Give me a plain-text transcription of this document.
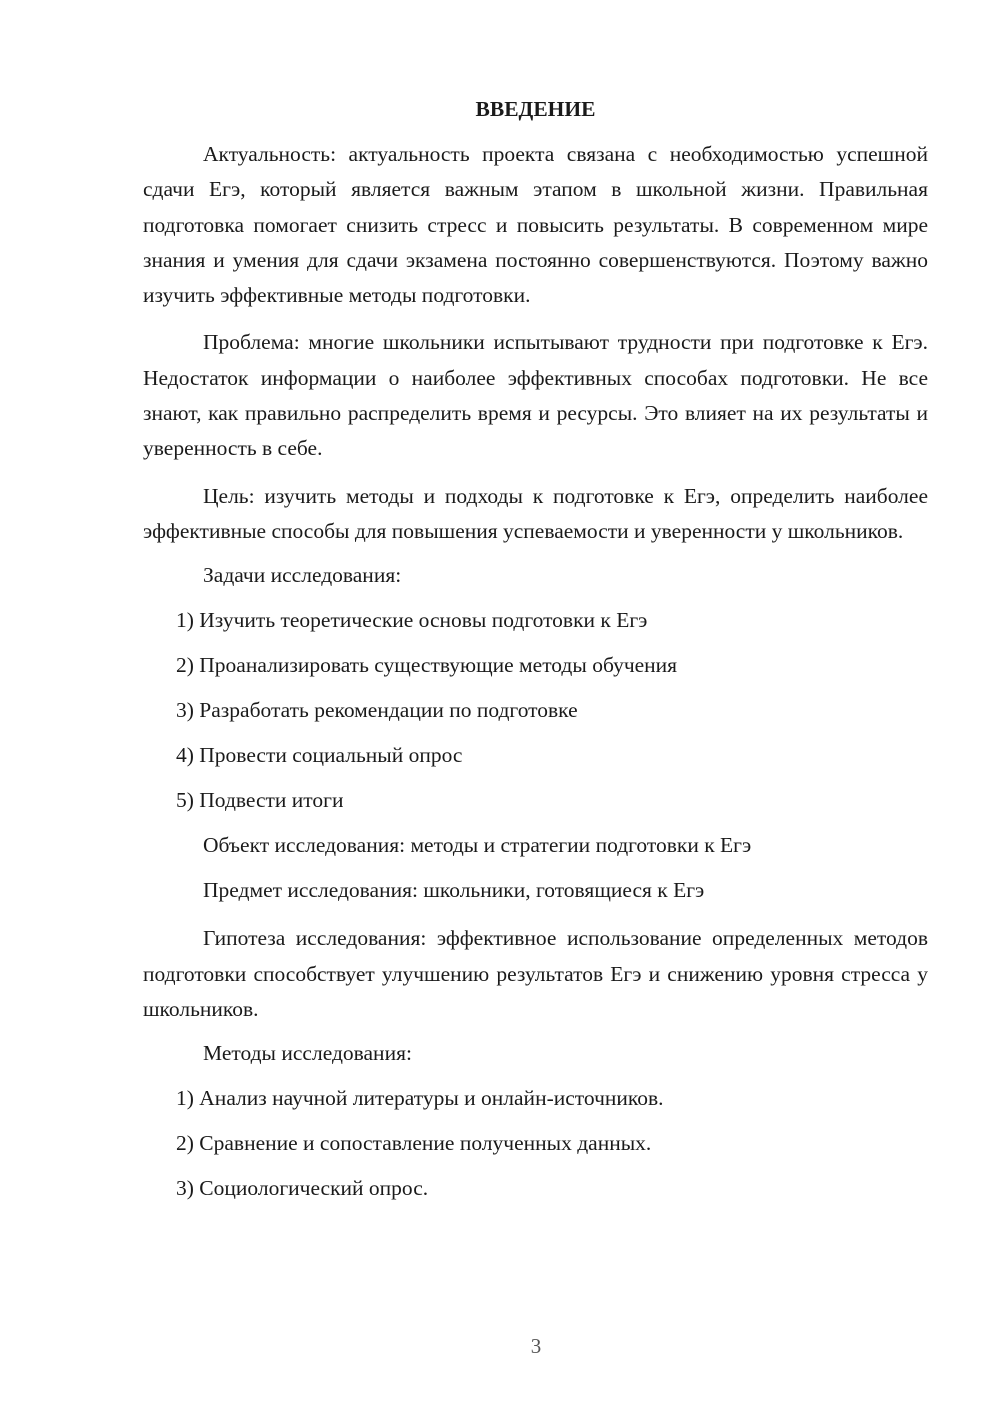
ВВЕДЕНИЕ

Актуальность: актуальность проекта связана с необходимостью успешной сдачи Егэ, который является важным этапом в школьной жизни. Правильная подготовка помогает снизить стресс и повысить результаты. В современном мире знания и умения для сдачи экзамена постоянно совершенствуются. Поэтому важно изучить эффективные методы подготовки.

Проблема: многие школьники испытывают трудности при подготовке к Егэ. Недостаток информации о наиболее эффективных способах подготовки. Не все знают, как правильно распределить время и ресурсы. Это влияет на их результаты и уверенность в себе.

Цель: изучить методы и подходы к подготовке к Егэ, определить наиболее эффективные способы для повышения успеваемости и уверенности у школьников.

Задачи исследования:

1) Изучить теоретические основы подготовки к Егэ

2) Проанализировать существующие методы обучения

3) Разработать рекомендации по подготовке

4) Провести социальный опрос

5) Подвести итоги

Объект исследования: методы и стратегии подготовки к Егэ

Предмет исследования: школьники, готовящиеся к Егэ

Гипотеза исследования: эффективное использование определенных методов подготовки способствует улучшению результатов Егэ и снижению уровня стресса у школьников.

Методы исследования:

1) Анализ научной литературы и онлайн-источников.

2) Сравнение и сопоставление полученных данных.

3) Социологический опрос.

3
